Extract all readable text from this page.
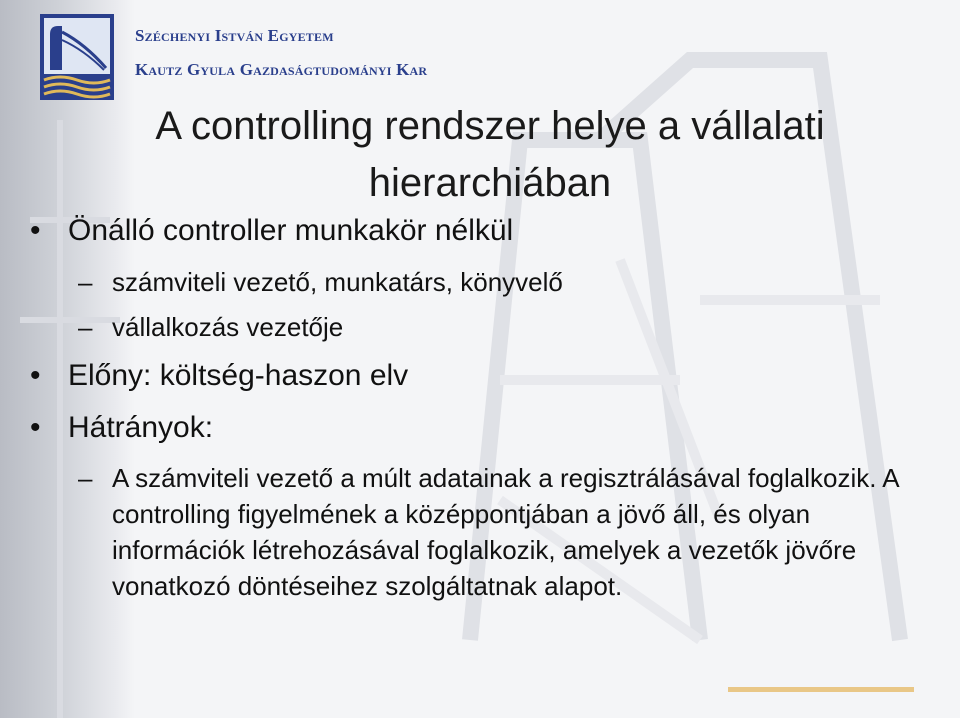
Széchenyi István Egyetem
Kautz Gyula Gazdaságtudományi Kar
A controlling rendszer helye a vállalati
hierarchiában
• Önálló controller munkakör nélkül
– számviteli vezető, munkatárs, könyvelő
– vállalkozás vezetője
• Előny: költség-haszon elv
• Hátrányok:
– A számviteli vezető a múlt adatainak a regisztrálásával foglalkozik. A controlling figyelmének a középpontjában a jövő áll, és olyan információk létrehozásával foglalkozik, amelyek a vezetők jövőre vonatkozó döntéseihez szolgáltatnak alapot.
